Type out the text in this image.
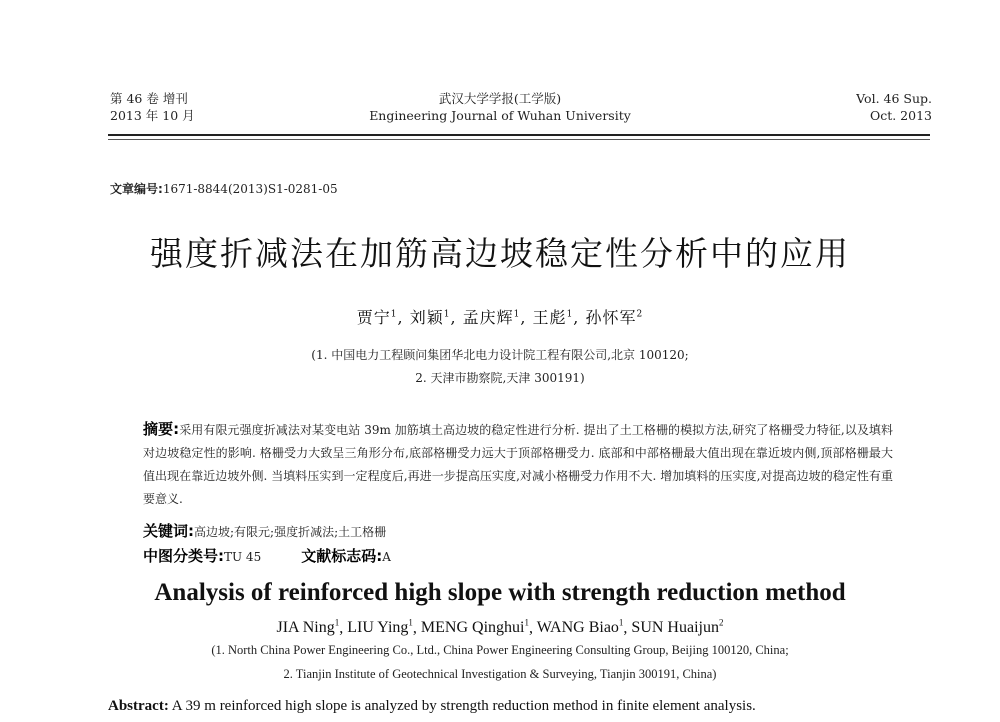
第 46 卷 增刊
2013 年 10 月
武汉大学学报(工学版)
Engineering Journal of Wuhan University
Vol. 46 Sup.
Oct. 2013
文章编号:1671-8844(2013)S1-0281-05
强度折减法在加筋高边坡稳定性分析中的应用
贾宁$^1$, 刘颖$^1$, 孟庆辉$^1$, 王彪$^1$, 孙怀军$^2$
(1. 中国电力工程顾问集团华北电力设计院工程有限公司,北京 100120;
2. 天津市勘察院,天津 300191)
摘要:采用有限元强度折减法对某变电站 39m 加筋填土高边坡的稳定性进行分析. 提出了土工格栅的模拟方法,研究了格栅受力特征,以及填料对边坡稳定性的影响. 格栅受力大致呈三角形分布,底部格栅受力远大于顶部格栅受力. 底部和中部格栅最大值出现在靠近坡内侧,顶部格栅最大值出现在靠近边坡外侧. 当填料压实到一定程度后,再进一步提高压实度,对减小格栅受力作用不大. 增加填料的压实度,对提高边坡的稳定性有重要意义.
关键词:高边坡;有限元;强度折减法;土工格栅
中图分类号:TU 45	文献标志码:A
Analysis of reinforced high slope with strength reduction method
JIA Ning$^1$, LIU Ying$^1$, MENG Qinghui$^1$, WANG Biao$^1$, SUN Huaijun$^2$
(1. North China Power Engineering Co., Ltd., China Power Engineering Consulting Group, Beijing 100120, China;
2. Tianjin Institute of Geotechnical Investigation & Surveying, Tianjin 300191, China)
Abstract: A 39 m reinforced high slope is analyzed by strength reduction method in finite element analysis.
